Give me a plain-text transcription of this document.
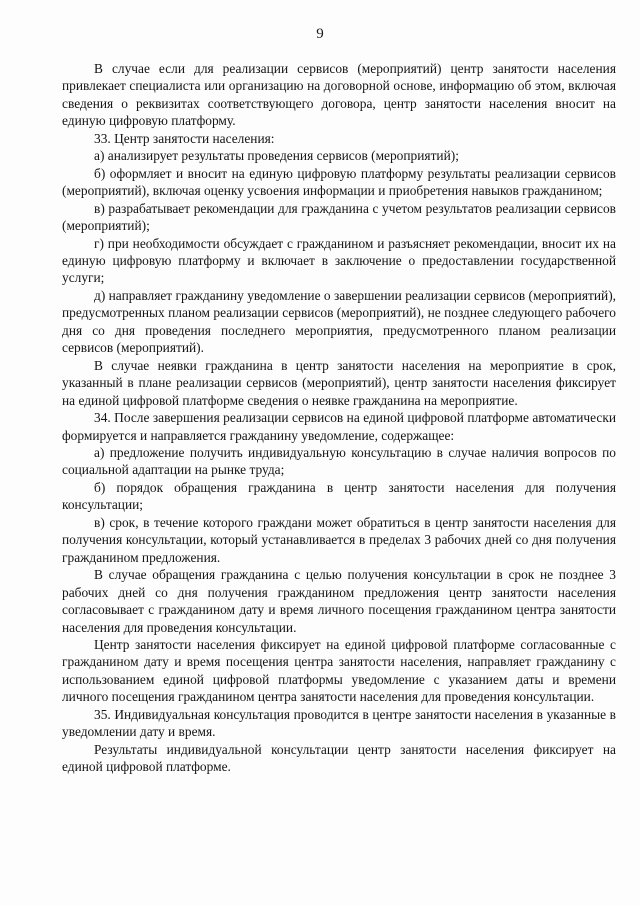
9

В случае если для реализации сервисов (мероприятий) центр занятости населения привлекает специалиста или организацию на договорной основе, информацию об этом, включая сведения о реквизитах соответствующего договора, центр занятости населения вносит на единую цифровую платформу.

33. Центр занятости населения:

а) анализирует результаты проведения сервисов (мероприятий);

б) оформляет и вносит на единую цифровую платформу результаты реализации сервисов (мероприятий), включая оценку усвоения информации и приобретения навыков гражданином;

в) разрабатывает рекомендации для гражданина с учетом результатов реализации сервисов (мероприятий);

г) при необходимости обсуждает с гражданином и разъясняет рекомендации, вносит их на единую цифровую платформу и включает в заключение о предоставлении государственной услуги;

д) направляет гражданину уведомление о завершении реализации сервисов (мероприятий), предусмотренных планом реализации сервисов (мероприятий), не позднее следующего рабочего дня со дня проведения последнего мероприятия, предусмотренного планом реализации сервисов (мероприятий).

В случае неявки гражданина в центр занятости населения на мероприятие в срок, указанный в плане реализации сервисов (мероприятий), центр занятости населения фиксирует на единой цифровой платформе сведения о неявке гражданина на мероприятие.

34. После завершения реализации сервисов на единой цифровой платформе автоматически формируется и направляется гражданину уведомление, содержащее:

а) предложение получить индивидуальную консультацию в случае наличия вопросов по социальной адаптации на рынке труда;

б) порядок обращения гражданина в центр занятости населения для получения консультации;

в) срок, в течение которого граждани может обратиться в центр занятости населения для получения консультации, который устанавливается в пределах 3 рабочих дней со дня получения гражданином предложения.

В случае обращения гражданина с целью получения консультации в срок не позднее 3 рабочих дней со дня получения гражданином предложения центр занятости населения согласовывает с гражданином дату и время личного посещения гражданином центра занятости населения для проведения консультации.

Центр занятости населения фиксирует на единой цифровой платформе согласованные с гражданином дату и время посещения центра занятости населения, направляет гражданину с использованием единой цифровой платформы уведомление с указанием даты и времени личного посещения гражданином центра занятости населения для проведения консультации.

35. Индивидуальная консультация проводится в центре занятости населения в указанные в уведомлении дату и время.

Результаты индивидуальной консультации центр занятости населения фиксирует на единой цифровой платформе.
